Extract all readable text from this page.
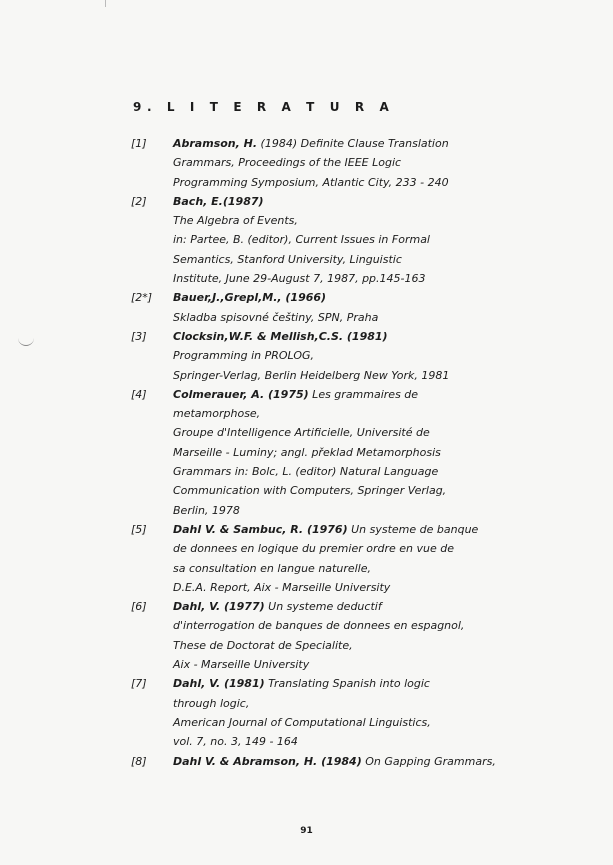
9. L I T E R A T U R A
[1] Abramson, H. (1984) Definite Clause Translation
Grammars, Proceedings of the IEEE Logic
Programming Symposium, Atlantic City, 233 - 240
[2] Bach, E.(1987)
The Algebra of Events,
in: Partee, B. (editor), Current Issues in Formal
Semantics, Stanford University, Linguistic
Institute, June 29-August 7, 1987, pp.145-163
[2*] Bauer,J.,Grepl,M., (1966)
Skladba spisovné češtiny, SPN, Praha
[3] Clocksin,W.F. & Mellish,C.S. (1981)
Programming in PROLOG,
Springer-Verlag, Berlin Heidelberg New York, 1981
[4] Colmerauer, A. (1975) Les grammaires de
metamorphose,
Groupe d'Intelligence Artificielle, Université de
Marseille - Luminy; angl. překlad Metamorphosis
Grammars in: Bolc, L. (editor) Natural Language
Communication with Computers, Springer Verlag,
Berlin, 1978
[5] Dahl V. & Sambuc, R. (1976) Un systeme de banque
de donnees en logique du premier ordre en vue de
sa consultation en langue naturelle,
D.E.A. Report, Aix - Marseille University
[6] Dahl, V. (1977) Un systeme deductif
d'interrogation de banques de donnees en espagnol,
These de Doctorat de Specialite,
Aix - Marseille University
[7] Dahl, V. (1981) Translating Spanish into logic
through logic,
American Journal of Computational Linguistics,
vol. 7, no. 3, 149 - 164
[8] Dahl V. & Abramson, H. (1984) On Gapping Grammars,
91
